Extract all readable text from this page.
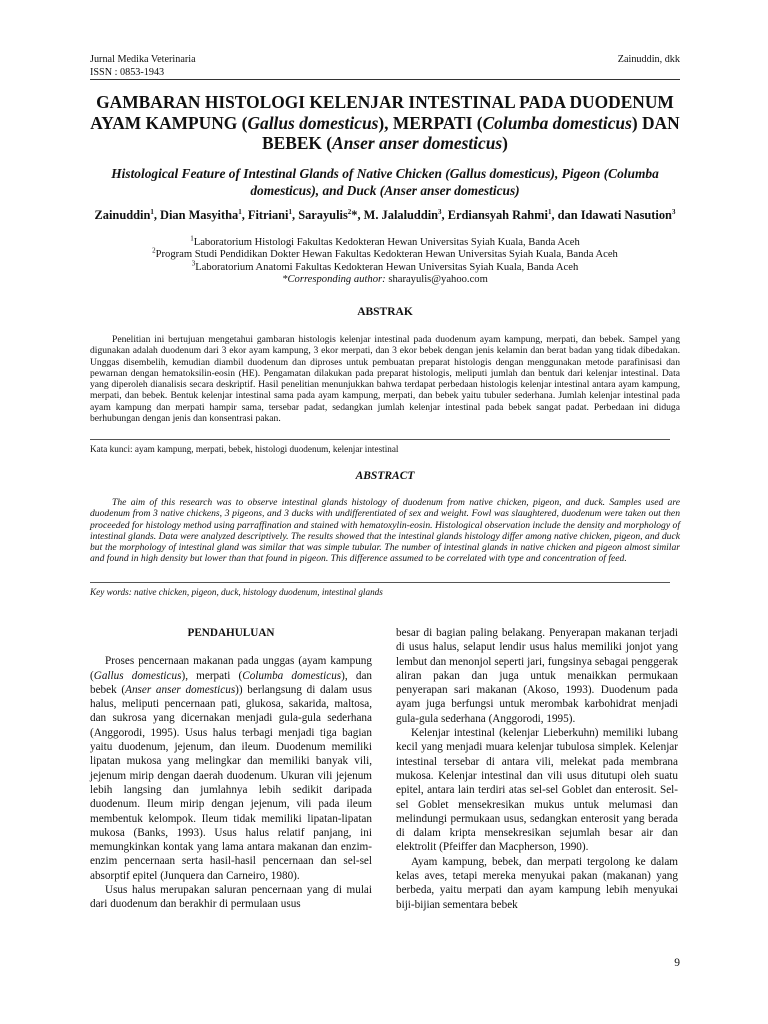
Jurnal Medika Veterinaria
ISSN : 0853-1943
Zainuddin, dkk
GAMBARAN HISTOLOGI KELENJAR INTESTINAL PADA DUODENUM AYAM KAMPUNG (Gallus domesticus), MERPATI (Columba domesticus) DAN BEBEK (Anser anser domesticus)
Histological Feature of Intestinal Glands of Native Chicken (Gallus domesticus), Pigeon (Columba domesticus), and Duck (Anser anser domesticus)
Zainuddin$^1$, Dian Masyitha$^1$, Fitriani$^1$, Sarayulis$^2$*, M. Jalaluddin$^3$, Erdiansyah Rahmi$^1$, dan Idawati Nasution$^3$
$^1$Laboratorium Histologi Fakultas Kedokteran Hewan Universitas Syiah Kuala, Banda Aceh
$^2$Program Studi Pendidikan Dokter Hewan Fakultas Kedokteran Hewan Universitas Syiah Kuala, Banda Aceh
$^3$Laboratorium Anatomi Fakultas Kedokteran Hewan Universitas Syiah Kuala, Banda Aceh
*Corresponding author: sharayulis@yahoo.com
ABSTRAK

Penelitian ini bertujuan mengetahui gambaran histologis kelenjar intestinal pada duodenum ayam kampung, merpati, dan bebek. Sampel yang digunakan adalah duodenum dari 3 ekor ayam kampung, 3 ekor merpati, dan 3 ekor bebek dengan jenis kelamin dan berat badan yang tidak dibedakan. Unggas disembelih, kemudian diambil duodenum dan diproses untuk pembuatan preparat histologis dengan menggunakan metode parafinisasi dan pewarnan dengan hematoksilin-eosin (HE). Pengamatan dilakukan pada preparat histologis, meliputi jumlah dan bentuk dari kelenjar intestinal. Data yang diperoleh dianalisis secara deskriptif. Hasil penelitian menunjukkan bahwa terdapat perbedaan histologis kelenjar intestinal antara ayam kampung, merpati, dan bebek. Bentuk kelenjar intestinal sama pada ayam kampung, merpati, dan bebek yaitu tubuler sederhana. Jumlah kelenjar intestinal pada ayam kampung dan merpati hampir sama, tersebar padat, sedangkan jumlah kelenjar intestinal pada bebek sangat padat. Perbedaan ini diduga berhubungan dengan jenis dan konsentrasi pakan.

Kata kunci: ayam kampung, merpati, bebek, histologi duodenum, kelenjar intestinal
ABSTRACT

The aim of this research was to observe intestinal glands histology of duodenum from native chicken, pigeon, and duck. Samples used are duodenum from 3 native chickens, 3 pigeons, and 3 ducks with undifferentiated of sex and weight. Fowl was slaughtered, duodenum were taken out then proceeded for histology method using parraffination and stained with hematoxylin-eosin. Histological observation include the density and morphology of intestinal glands. Data were analyzed descriptively. The results showed that the intestinal glands histology differ among native chicken, pigeon, and duck but the morphology of intestinal gland was similar that was simple tubular. The number of intestinal glands in native chicken and pigeon almost similar and found in high density but lower than that found in pigeon. This difference assumed to be correlated with type and concentration of feed.

Key words: native chicken, pigeon, duck, histology duodenum, intestinal glands

PENDAHULUAN

Proses pencernaan makanan pada unggas (ayam kampung (Gallus domesticus), merpati (Columba domesticus), dan bebek (Anser anser domesticus)) berlangsung di dalam usus halus, meliputi pencernaan pati, glukosa, sakarida, maltosa, dan sukrosa yang dicernakan menjadi gula-gula sederhana (Anggorodi, 1995). Usus halus terbagi menjadi tiga bagian yaitu duodenum, jejenum, dan ileum. Duodenum memiliki lipatan mukosa yang melingkar dan memiliki banyak vili, jejenum mirip dengan daerah duodenum. Ukuran vili jejenum lebih langsing dan jumlahnya lebih sedikit daripada duodenum. Ileum mirip dengan jejenum, vili pada ileum membentuk kelompok. Ileum tidak memiliki lipatan-lipatan mukosa (Banks, 1993). Usus halus relatif panjang, ini memungkinkan kontak yang lama antara makanan dan enzim-enzim pencernaan serta hasil-hasil pencernaan dan sel-sel absorptif epitel (Junquera dan Carneiro, 1980).

Usus halus merupakan saluran pencernaan yang di mulai dari duodenum dan berakhir di permulaan usus

besar di bagian paling belakang. Penyerapan makanan terjadi di usus halus, selaput lendir usus halus memiliki jonjot yang lembut dan menonjol seperti jari, fungsinya sebagai penggerak aliran pakan dan juga untuk menaikkan permukaan penyerapan sari makanan (Akoso, 1993). Duodenum pada ayam juga berfungsi untuk merombak karbohidrat menjadi gula-gula sederhana (Anggorodi, 1995).

Kelenjar intestinal (kelenjar Lieberkuhn) memiliki lubang kecil yang menjadi muara kelenjar tubulosa simplek. Kelenjar intestinal tersebar di antara vili, melekat pada membrana mukosa. Kelenjar intestinal dan vili usus ditutupi oleh suatu epitel, antara lain terdiri atas sel-sel Goblet dan enterosit. Sel-sel Goblet mensekresikan mukus untuk melumasi dan melindungi permukaan usus, sedangkan enterosit yang berada di dalam kripta mensekresikan sejumlah besar air dan elektrolit (Pfeiffer dan Macpherson, 1990).

Ayam kampung, bebek, dan merpati tergolong ke dalam kelas aves, tetapi mereka menyukai pakan (makanan) yang berbeda, yaitu merpati dan ayam kampung lebih menyukai biji-bijian sementara bebek

9
